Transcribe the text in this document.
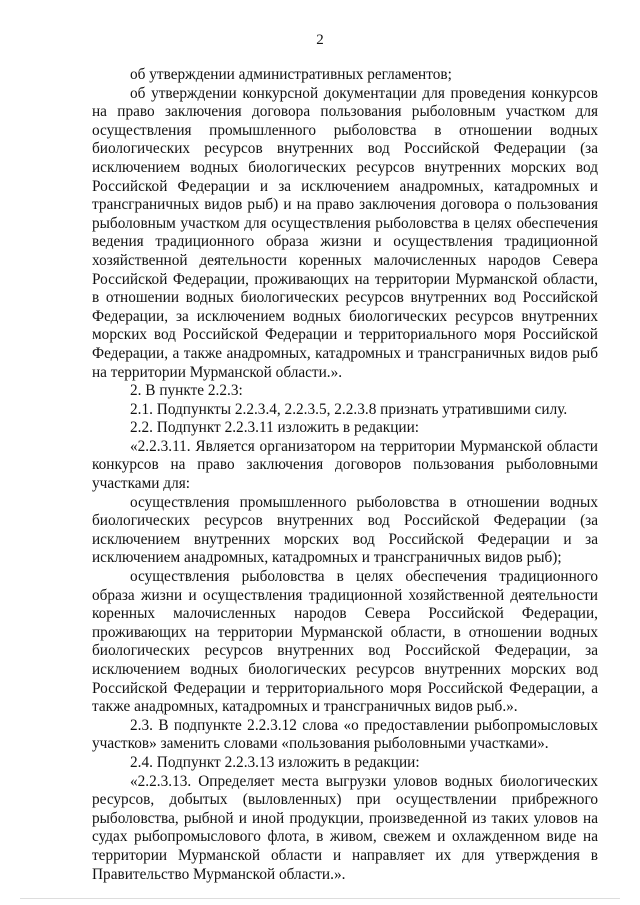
2
об утверждении административных регламентов;
об утверждении конкурсной документации для проведения конкурсов на право заключения договора пользования рыболовным участком для осуществления промышленного рыболовства в отношении водных биологических ресурсов внутренних вод Российской Федерации (за исключением водных биологических ресурсов внутренних морских вод Российской Федерации и за исключением анадромных, катадромных и трансграничных видов рыб) и на право заключения договора о пользования рыболовным участком для осуществления рыболовства в целях обеспечения ведения традиционного образа жизни и осуществления традиционной хозяйственной деятельности коренных малочисленных народов Севера Российской Федерации, проживающих на территории Мурманской области, в отношении водных биологических ресурсов внутренних вод Российской Федерации, за исключением водных биологических ресурсов внутренних морских вод Российской Федерации и территориального моря Российской Федерации, а также анадромных, катадромных и трансграничных видов рыб на территории Мурманской области.».
2. В пункте 2.2.3:
2.1. Подпункты 2.2.3.4, 2.2.3.5, 2.2.3.8 признать утратившими силу.
2.2. Подпункт 2.2.3.11 изложить в редакции:
«2.2.3.11. Является организатором на территории Мурманской области конкурсов на право заключения договоров пользования рыболовными участками для:
осуществления промышленного рыболовства в отношении водных биологических ресурсов внутренних вод Российской Федерации (за исключением внутренних морских вод Российской Федерации и за исключением анадромных, катадромных и трансграничных видов рыб);
осуществления рыболовства в целях обеспечения традиционного образа жизни и осуществления традиционной хозяйственной деятельности коренных малочисленных народов Севера Российской Федерации, проживающих на территории Мурманской области, в отношении водных биологических ресурсов внутренних вод Российской Федерации, за исключением водных биологических ресурсов внутренних морских вод Российской Федерации и территориального моря Российской Федерации, а также анадромных, катадромных и трансграничных видов рыб.».
2.3. В подпункте 2.2.3.12 слова «о предоставлении рыбопромысловых участков» заменить словами «пользования рыболовными участками».
2.4. Подпункт 2.2.3.13 изложить в редакции:
«2.2.3.13. Определяет места выгрузки уловов водных биологических ресурсов, добытых (выловленных) при осуществлении прибрежного рыболовства, рыбной и иной продукции, произведенной из таких уловов на судах рыбопромыслового флота, в живом, свежем и охлажденном виде на территории Мурманской области и направляет их для утверждения в Правительство Мурманской области.».
